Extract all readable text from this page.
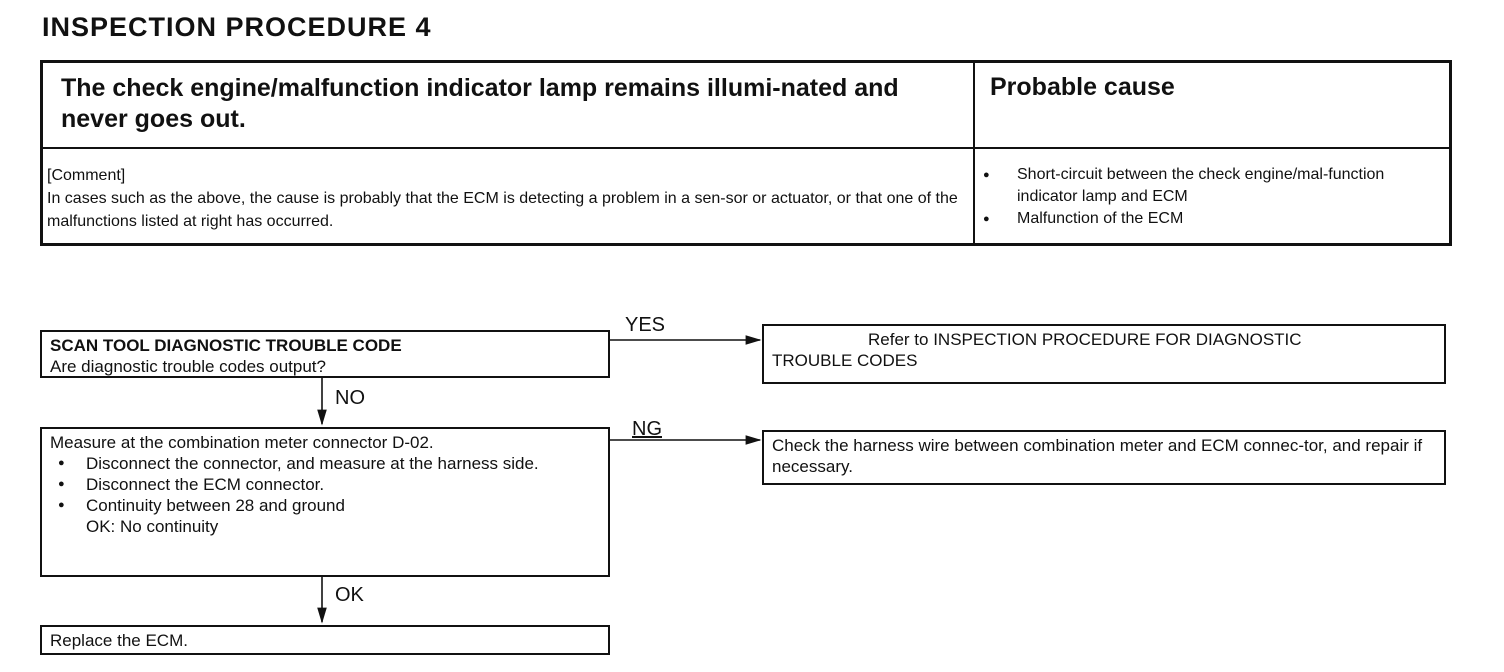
INSPECTION PROCEDURE 4
The check engine/malfunction indicator lamp remains illumi-nated and never goes out.
Probable cause
[Comment]
In cases such as the above, the cause is probably that the ECM is detecting a problem in a sen-sor or actuator, or that one of the malfunctions listed at right has occurred.
● Short-circuit between the check engine/mal-function indicator lamp and ECM
● Malfunction of the ECM
SCAN TOOL DIAGNOSTIC TROUBLE CODE
Are diagnostic trouble codes output?
YES
Refer to INSPECTION PROCEDURE FOR DIAGNOSTIC
TROUBLE CODES
NO
Measure at the combination meter connector D-02.
● Disconnect the connector, and measure at the harness side.
● Disconnect the ECM connector.
● Continuity between 28 and ground
OK: No continuity
NG
Check the harness wire between combination meter and ECM connec-tor, and repair if necessary.
OK
Replace the ECM.
